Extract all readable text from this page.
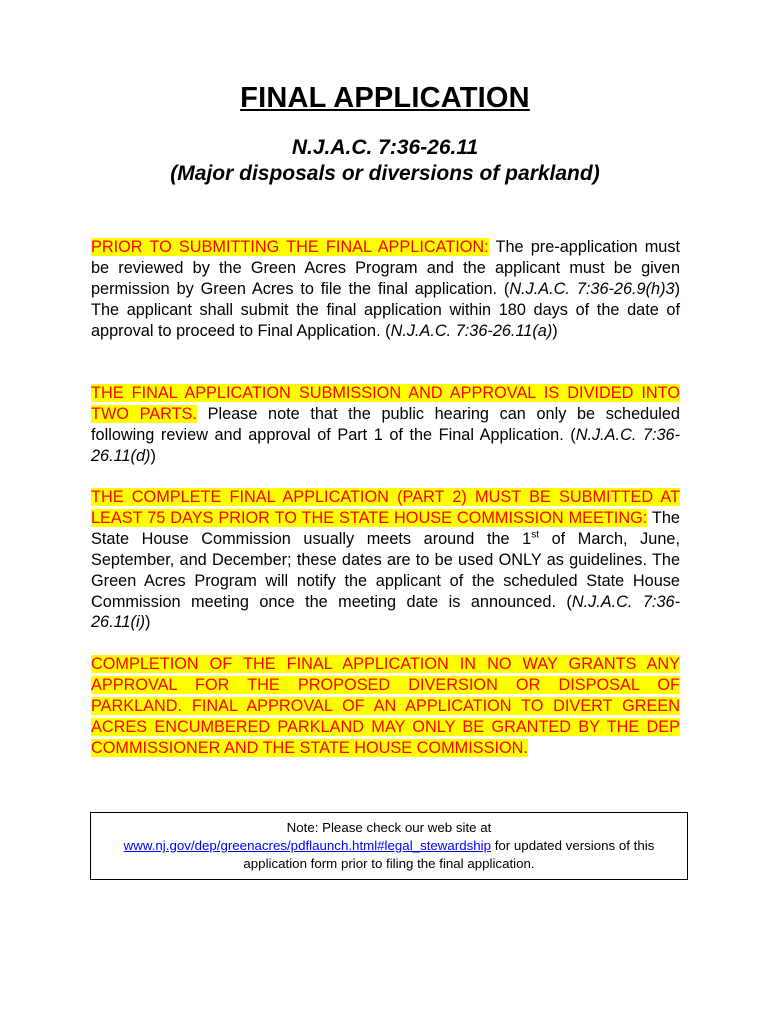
FINAL APPLICATION
N.J.A.C. 7:36-26.11
(Major disposals or diversions of parkland)
PRIOR TO SUBMITTING THE FINAL APPLICATION: The pre-application must be reviewed by the Green Acres Program and the applicant must be given permission by Green Acres to file the final application. (N.J.A.C. 7:36-26.9(h)3) The applicant shall submit the final application within 180 days of the date of approval to proceed to Final Application. (N.J.A.C. 7:36-26.11(a))
THE FINAL APPLICATION SUBMISSION AND APPROVAL IS DIVIDED INTO TWO PARTS. Please note that the public hearing can only be scheduled following review and approval of Part 1 of the Final Application. (N.J.A.C. 7:36-26.11(d))
THE COMPLETE FINAL APPLICATION (PART 2) MUST BE SUBMITTED AT LEAST 75 DAYS PRIOR TO THE STATE HOUSE COMMISSION MEETING: The State House Commission usually meets around the 1st of March, June, September, and December; these dates are to be used ONLY as guidelines. The Green Acres Program will notify the applicant of the scheduled State House Commission meeting once the meeting date is announced. (N.J.A.C. 7:36-26.11(i))
COMPLETION OF THE FINAL APPLICATION IN NO WAY GRANTS ANY APPROVAL FOR THE PROPOSED DIVERSION OR DISPOSAL OF PARKLAND. FINAL APPROVAL OF AN APPLICATION TO DIVERT GREEN ACRES ENCUMBERED PARKLAND MAY ONLY BE GRANTED BY THE DEP COMMISSIONER AND THE STATE HOUSE COMMISSION.
Note: Please check our web site at
www.nj.gov/dep/greenacres/pdflaunch.html#legal_stewardship for updated versions of this application form prior to filing the final application.
